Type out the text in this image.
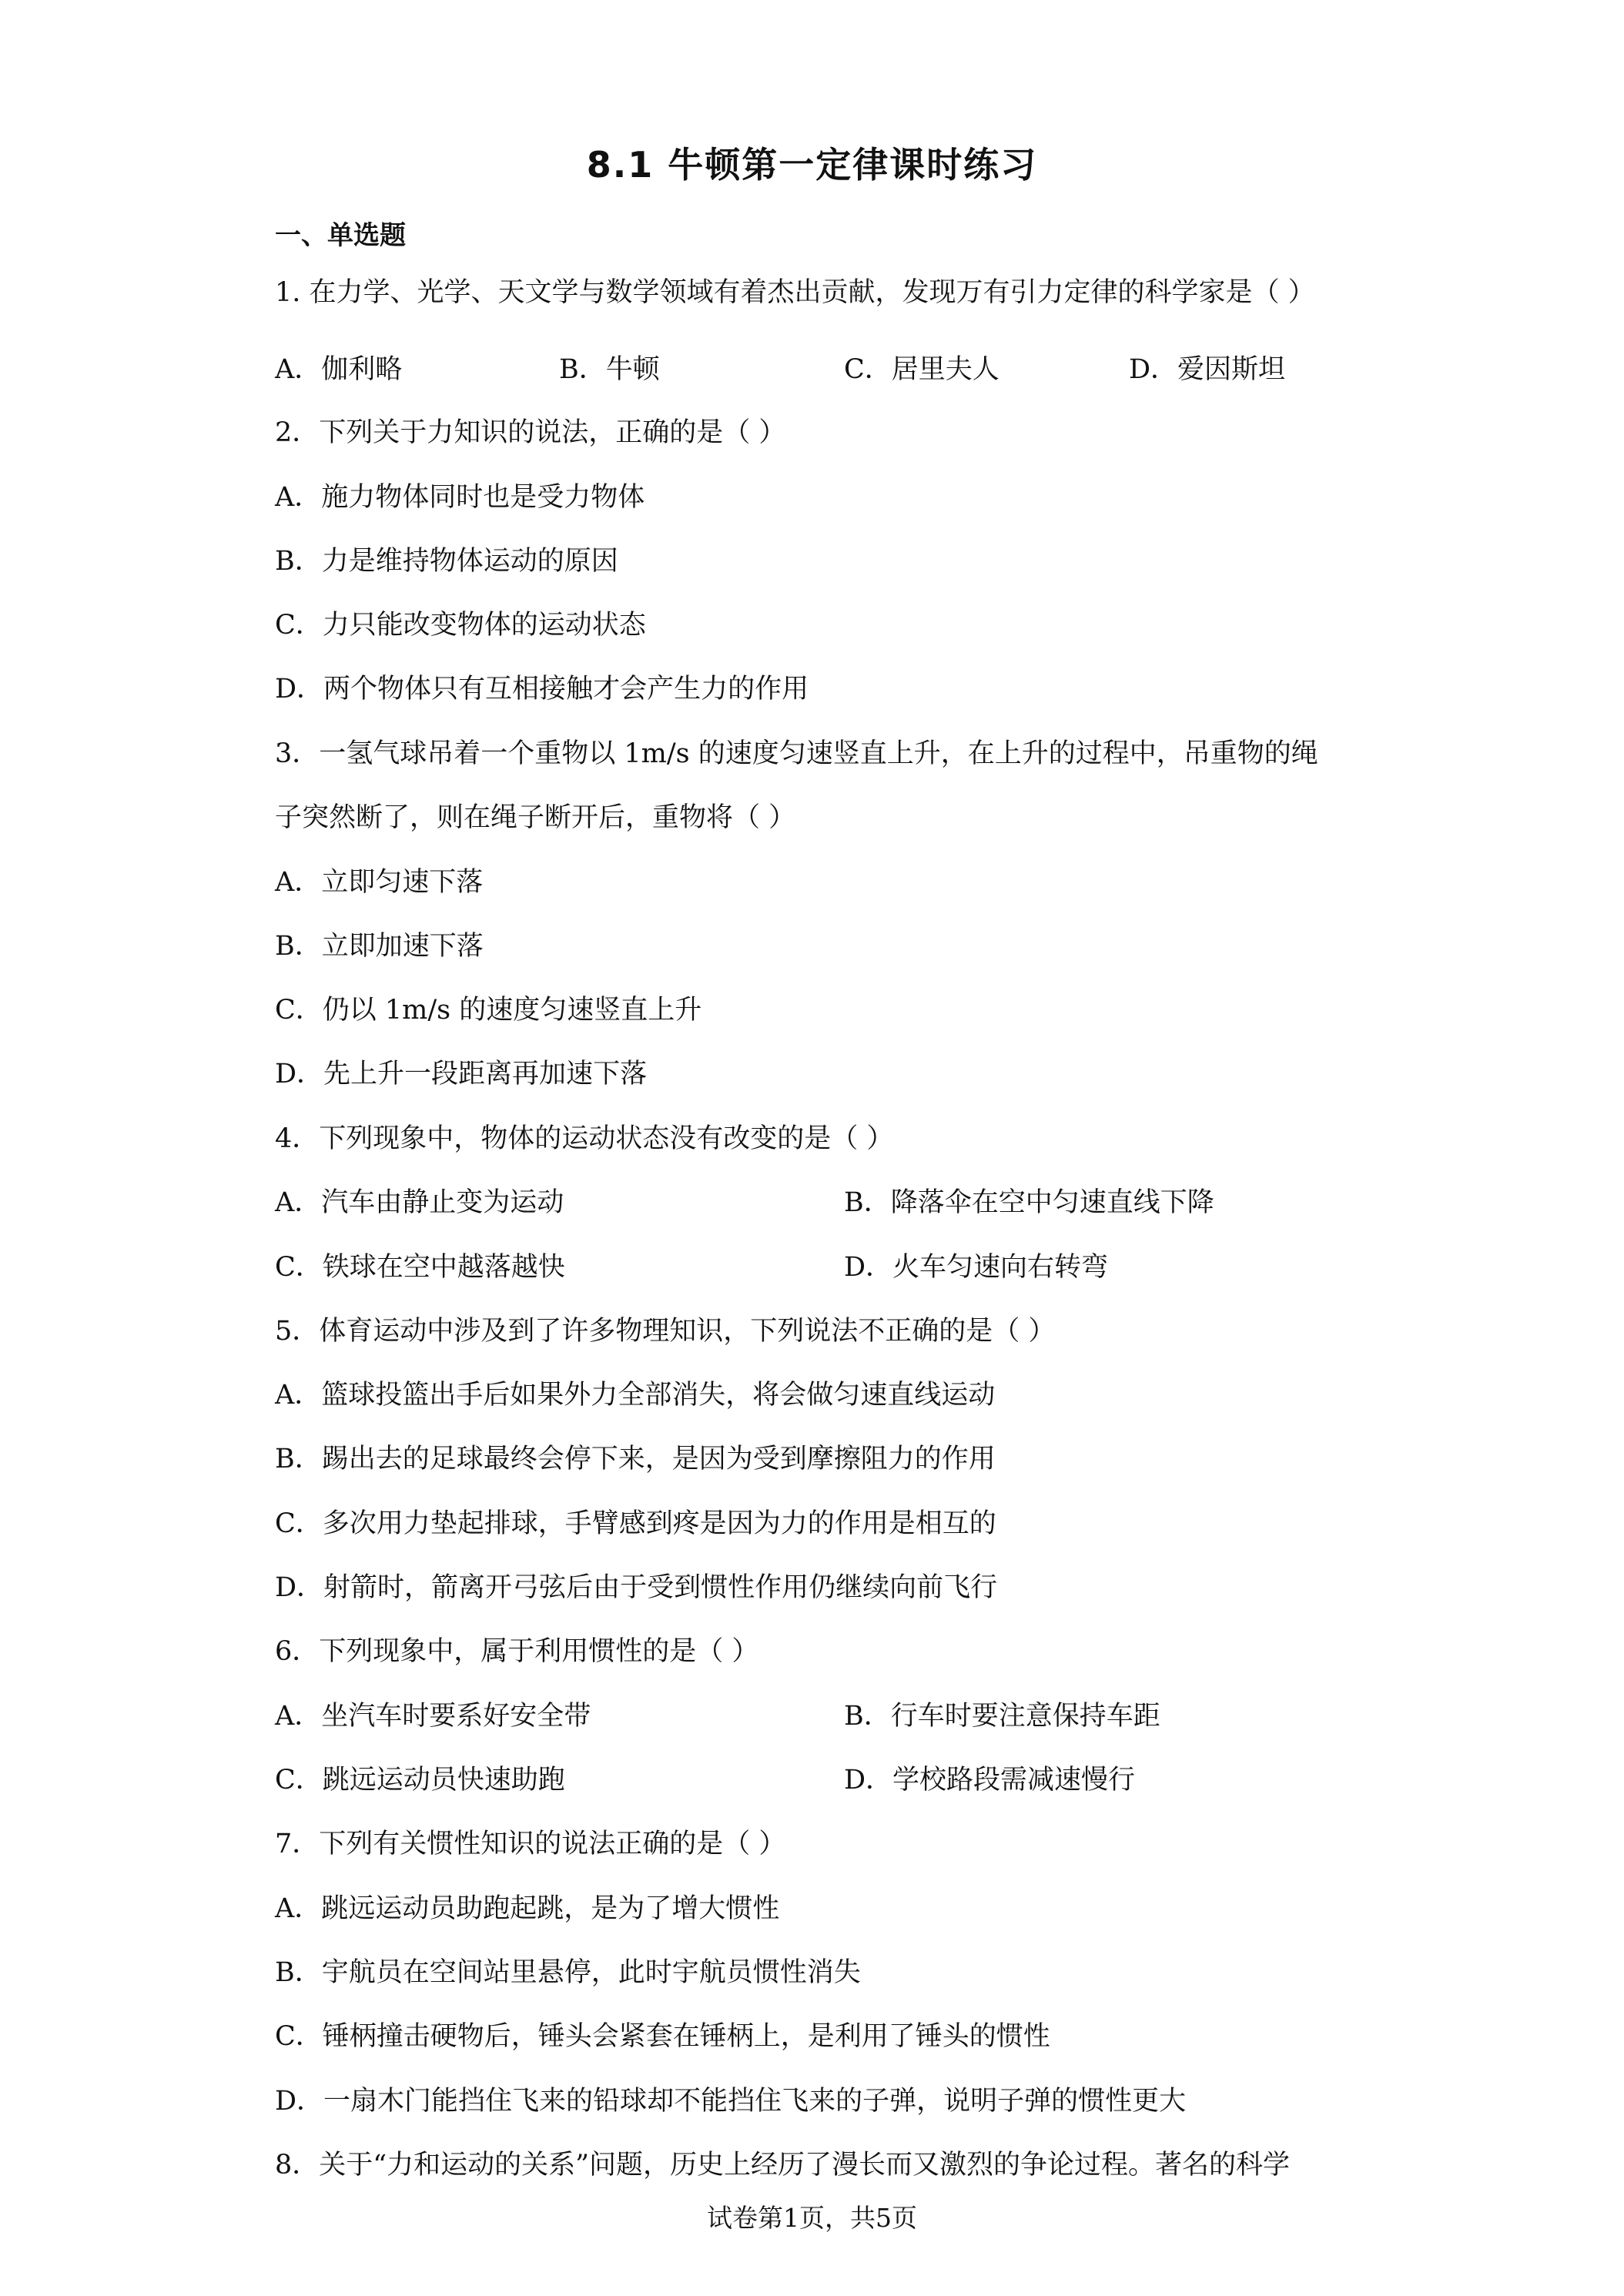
8.1 牛顿第一定律课时练习
一、单选题
1. 在力学、光学、天文学与数学领域有着杰出贡献，发现万有引力定律的科学家是（ ）
A．伽利略	B．牛顿	C．居里夫人	D．爱因斯坦
2．下列关于力知识的说法，正确的是（ ）
A．施力物体同时也是受力物体
B．力是维持物体运动的原因
C．力只能改变物体的运动状态
D．两个物体只有互相接触才会产生力的作用
3．一氢气球吊着一个重物以 1m/s 的速度匀速竖直上升，在上升的过程中，吊重物的绳
子突然断了，则在绳子断开后，重物将（ ）
A．立即匀速下落
B．立即加速下落
C．仍以 1m/s 的速度匀速竖直上升
D．先上升一段距离再加速下落
4．下列现象中，物体的运动状态没有改变的是（ ）
A．汽车由静止变为运动	B．降落伞在空中匀速直线下降
C．铁球在空中越落越快	D．火车匀速向右转弯
5．体育运动中涉及到了许多物理知识，下列说法不正确的是（ ）
A．篮球投篮出手后如果外力全部消失，将会做匀速直线运动
B．踢出去的足球最终会停下来，是因为受到摩擦阻力的作用
C．多次用力垫起排球，手臂感到疼是因为力的作用是相互的
D．射箭时，箭离开弓弦后由于受到惯性作用仍继续向前飞行
6．下列现象中，属于利用惯性的是（ ）
A．坐汽车时要系好安全带	B．行车时要注意保持车距
C．跳远运动员快速助跑	D．学校路段需减速慢行
7．下列有关惯性知识的说法正确的是（ ）
A．跳远运动员助跑起跳，是为了增大惯性
B．宇航员在空间站里悬停，此时宇航员惯性消失
C．锤柄撞击硬物后，锤头会紧套在锤柄上，是利用了锤头的惯性
D．一扇木门能挡住飞来的铅球却不能挡住飞来的子弹，说明子弹的惯性更大
8．关于“力和运动的关系”问题，历史上经历了漫长而又激烈的争论过程。著名的科学
试卷第1页，共5页
